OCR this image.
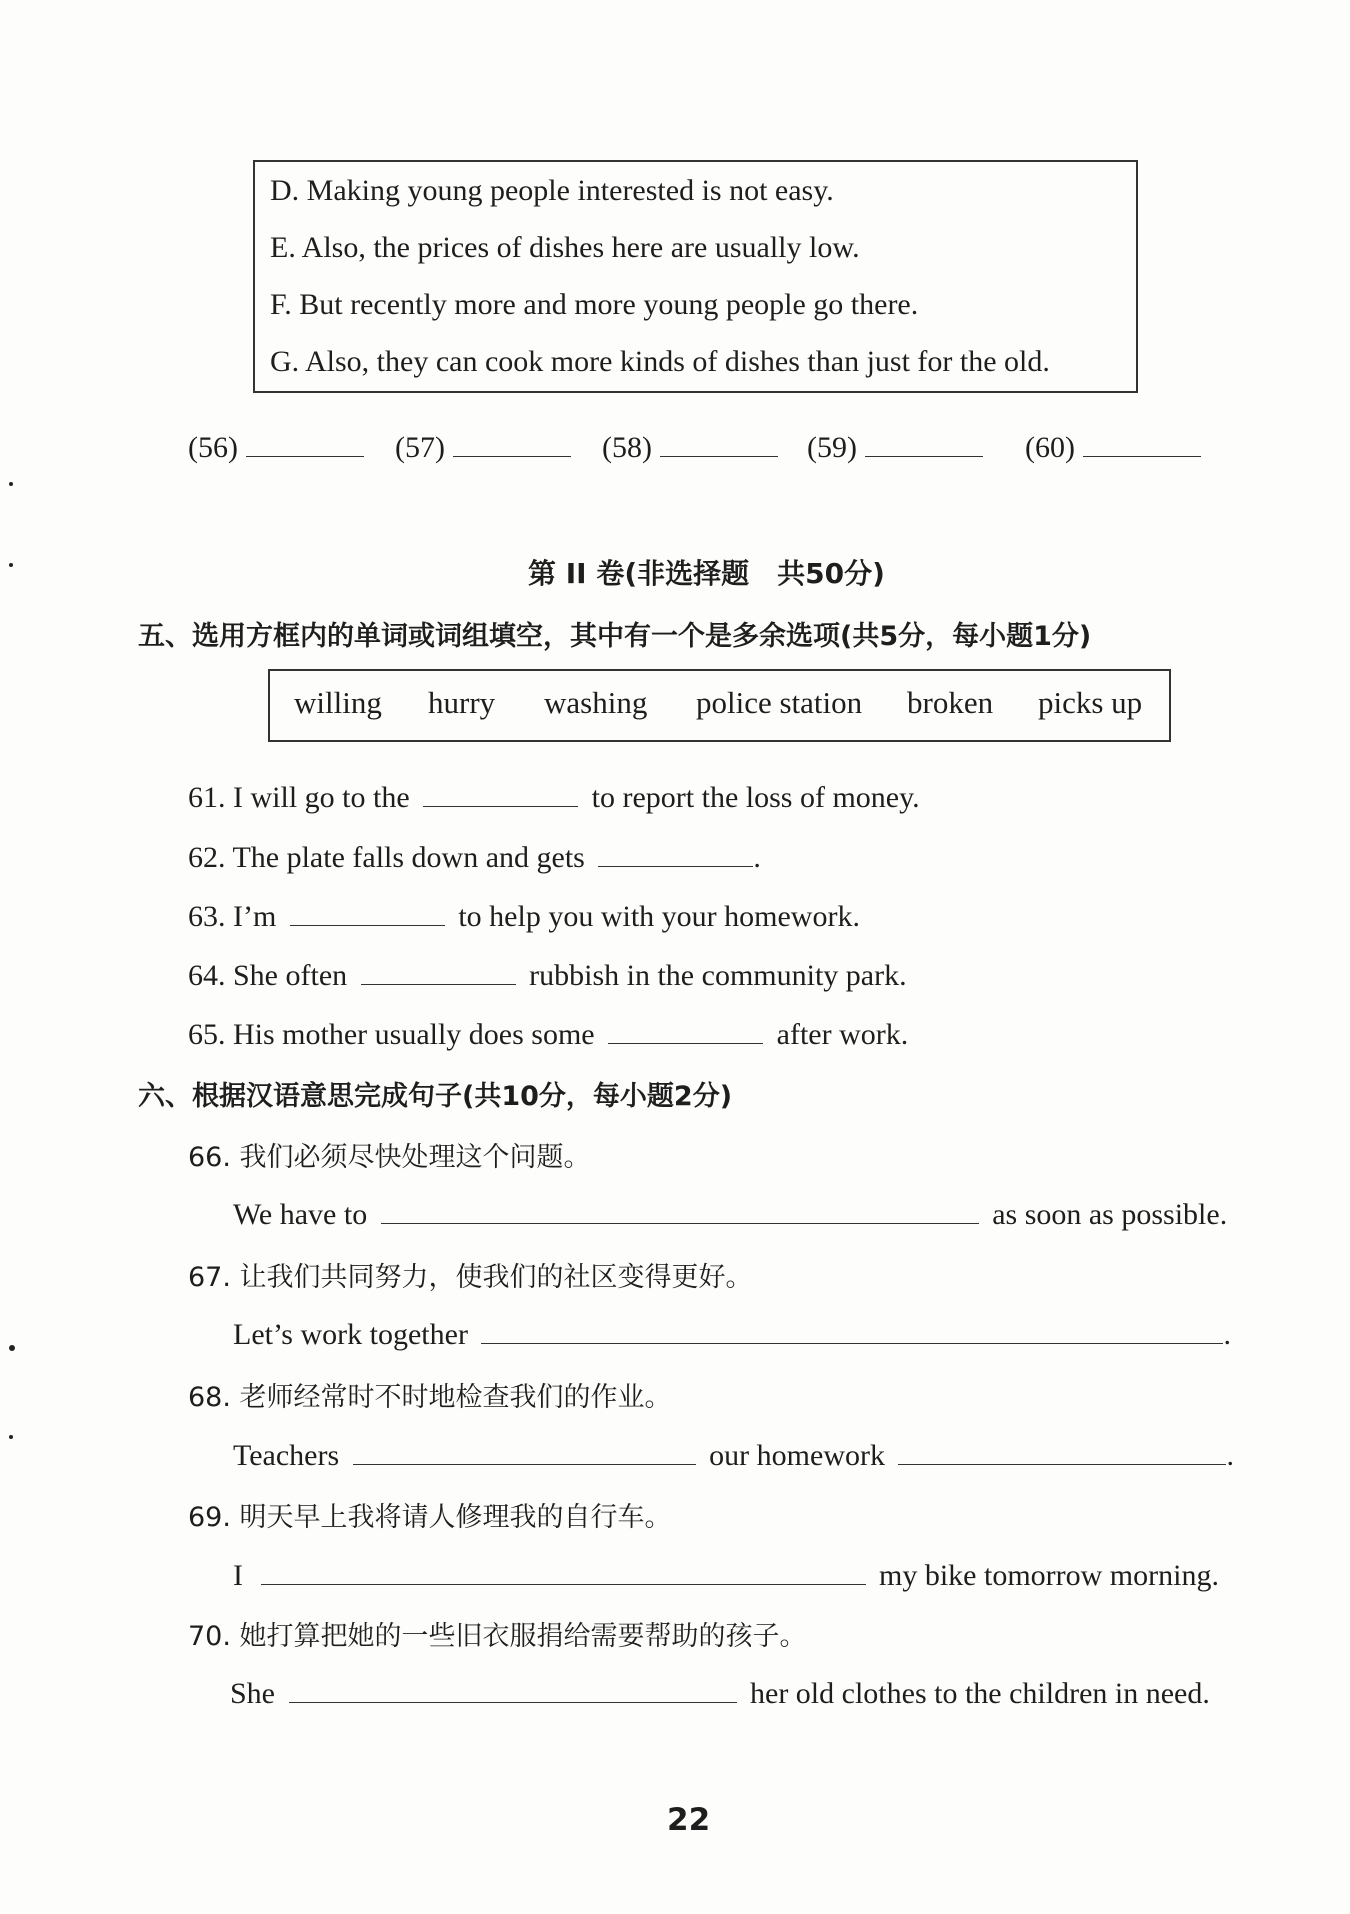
D. Making young people interested is not easy.
E. Also, the prices of dishes here are usually low.
F. But recently more and more young people go there.
G. Also, they can cook more kinds of dishes than just for the old.
(56)	(57)	(58)	(59)	(60)
第 II 卷(非选择题　共50分)
五、选用方框内的单词或词组填空，其中有一个是多余选项(共5分，每小题1分)
willing hurry washing police station broken picks up
61. I will go to the	to report the loss of money.
62. The plate falls down and gets	.
63. I’m	to help you with your homework.
64. She often	rubbish in the community park.
65. His mother usually does some	after work.
六、根据汉语意思完成句子(共10分，每小题2分)
66. 我们必须尽快处理这个问题。
We have to	as soon as possible.
67. 让我们共同努力，使我们的社区变得更好。
Let’s work together	.
68. 老师经常时不时地检查我们的作业。
Teachers	our homework	.
69. 明天早上我将请人修理我的自行车。
I	my bike tomorrow morning.
70. 她打算把她的一些旧衣服捐给需要帮助的孩子。
She	her old clothes to the children in need.
22
